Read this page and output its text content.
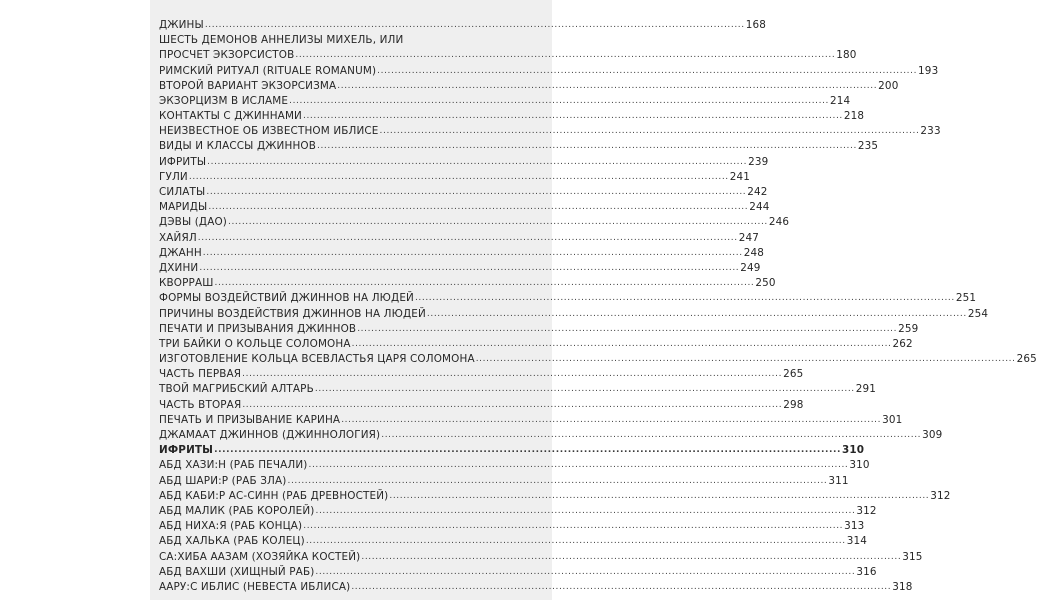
ДЖИНЫ ............................................................................................................................................................ 168
ШЕСТЬ ДЕМОНОВ АННЕЛИЗЫ МИХЕЛЬ, ИЛИ
ПРОСЧЕТ ЭКЗОРСИСТОВ ............................................................................................................................................................ 180
РИМСКИЙ РИТУАЛ (RITUALE ROMANUM) ............................................................................................................................................................ 193
ВТОРОЙ ВАРИАНТ ЭКЗОРСИЗМА ............................................................................................................................................................ 200
ЭКЗОРЦИЗМ В ИСЛАМЕ ............................................................................................................................................................ 214
КОНТАКТЫ С ДЖИННАМИ ............................................................................................................................................................ 218
НЕИЗВЕСТНОЕ ОБ ИЗВЕСТНОМ ИБЛИСЕ ............................................................................................................................................................ 233
ВИДЫ И КЛАССЫ ДЖИННОВ ............................................................................................................................................................ 235
ИФРИТЫ ............................................................................................................................................................ 239
ГУЛИ ............................................................................................................................................................ 241
СИЛАТЫ ............................................................................................................................................................ 242
МАРИДЫ ............................................................................................................................................................ 244
ДЭВЫ (ДАО) ............................................................................................................................................................ 246
ХАЙЯЛ ............................................................................................................................................................ 247
ДЖАНН ............................................................................................................................................................ 248
ДХИНИ ............................................................................................................................................................ 249
КВОРРАШ ............................................................................................................................................................ 250
ФОРМЫ ВОЗДЕЙСТВИЙ ДЖИННОВ НА ЛЮДЕЙ ............................................................................................................................................................ 251
ПРИЧИНЫ ВОЗДЕЙСТВИЯ ДЖИННОВ НА ЛЮДЕЙ ............................................................................................................................................................ 254
ПЕЧАТИ И ПРИЗЫВАНИЯ ДЖИННОВ ............................................................................................................................................................ 259
ТРИ БАЙКИ О КОЛЬЦЕ СОЛОМОНА ............................................................................................................................................................ 262
ИЗГОТОВЛЕНИЕ КОЛЬЦА ВСЕВЛАСТЬЯ ЦАРЯ СОЛОМОНА ............................................................................................................................................................ 265
ЧАСТЬ ПЕРВАЯ ............................................................................................................................................................ 265
ТВОЙ МАГРИБСКИЙ АЛТАРЬ ............................................................................................................................................................ 291
ЧАСТЬ ВТОРАЯ ............................................................................................................................................................ 298
ПЕЧАТЬ И ПРИЗЫВАНИЕ КАРИНА ............................................................................................................................................................ 301
ДЖАМААТ ДЖИННОВ (ДЖИННОЛОГИЯ) ............................................................................................................................................................ 309
ИФРИТЫ ............................................................................................................................................................ 310
АБД ХАЗИ:Н (РАБ ПЕЧАЛИ) ............................................................................................................................................................ 310
АБД ШАРИ:Р (РАБ ЗЛА) ............................................................................................................................................................ 311
АБД КАБИ:Р АС-СИНН (РАБ ДРЕВНОСТЕЙ) ............................................................................................................................................................ 312
АБД МАЛИК (РАБ КОРОЛЕЙ) ............................................................................................................................................................ 312
АБД НИХА:Я (РАБ КОНЦА) ............................................................................................................................................................ 313
АБД ХАЛЬКА (РАБ КОЛЕЦ) ............................................................................................................................................................ 314
СА:ХИБА ААЗАМ (ХОЗЯЙКА КОСТЕЙ) ............................................................................................................................................................ 315
АБД ВАХШИ (ХИЩНЫЙ РАБ) ............................................................................................................................................................ 316
ААРУ:С ИБЛИС (НЕВЕСТА ИБЛИСА) ............................................................................................................................................................ 318
